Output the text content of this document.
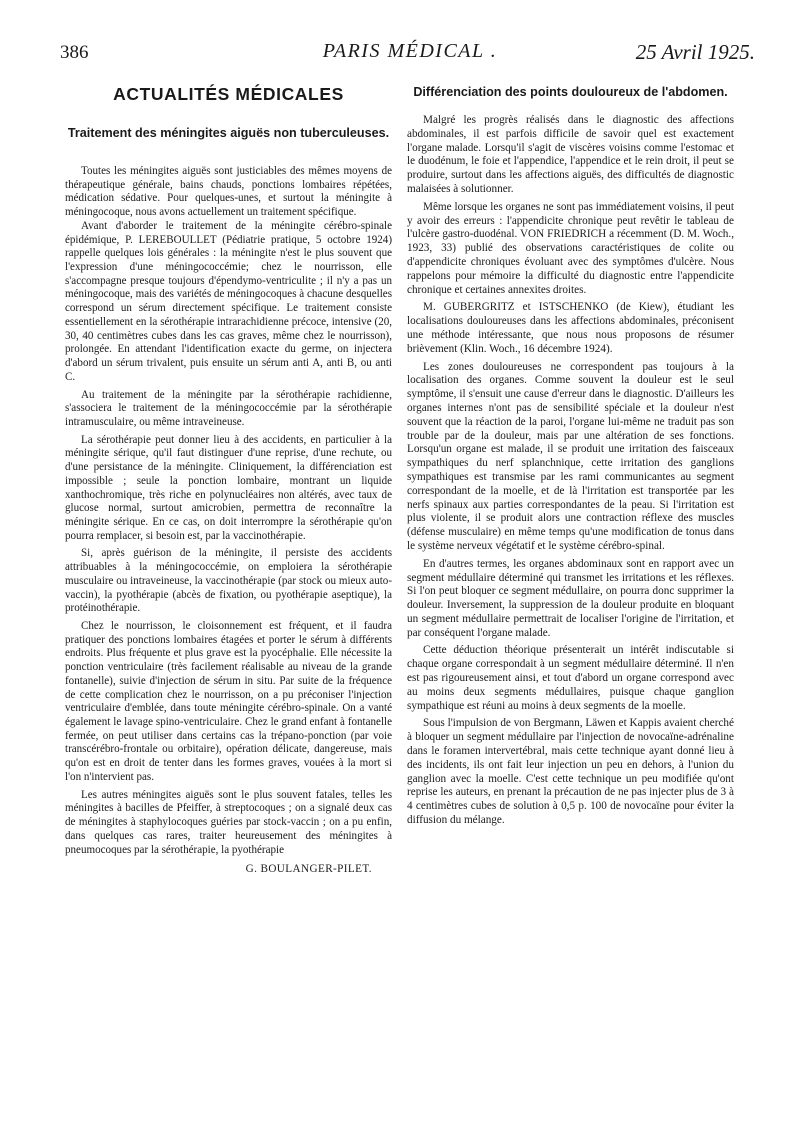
386	PARIS MÉDICAL .	25 Avril 1925.
ACTUALITÉS MÉDICALES
Traitement des méningites aiguës non tuberculeuses.

Toutes les méningites aiguës sont justiciables des mêmes moyens de thérapeutique générale, bains chauds, ponctions lombaires répétées, médication sédative. Pour quelques-unes, et surtout la méningite à méningocoque, nous avons actuellement un traitement spécifique.

Avant d'aborder le traitement de la méningite cérébro-spinale épidémique, P. LEREBOULLET (Pédiatrie pratique, 5 octobre 1924) rappelle quelques lois générales : la méningite n'est le plus souvent que l'expression d'une méningococcémie; chez le nourrisson, elle s'accompagne presque toujours d'épendymo-ventriculite ; il n'y a pas un méningocoque, mais des variétés de méningocoques à chacune desquelles correspond un sérum directement spécifique. Le traitement consiste essentiellement en la sérothérapie intrarachidienne précoce, intensive (20, 30, 40 centimètres cubes dans les cas graves, même chez le nourrisson), prolongée. En attendant l'identification exacte du germe, on injectera d'abord un sérum trivalent, puis ensuite un sérum anti A, anti B, ou anti C.

Au traitement de la méningite par la sérothérapie rachidienne, s'associera le traitement de la méningococcémie par la sérothérapie intramusculaire, ou même intraveineuse.

La sérothérapie peut donner lieu à des accidents, en particulier à la méningite sérique, qu'il faut distinguer d'une reprise, d'une rechute, ou d'une persistance de la méningite. Cliniquement, la différenciation est impossible ; seule la ponction lombaire, montrant un liquide xanthochromique, très riche en polynucléaires non altérés, avec taux de glucose normal, surtout amicrobien, permettra de reconnaître la méningite sérique. En ce cas, on doit interrompre la sérothérapie qu'on pourra remplacer, si besoin est, par la vaccinothérapie.

Si, après guérison de la méningite, il persiste des accidents attribuables à la méningococcémie, on emploiera la sérothérapie musculaire ou intraveineuse, la vaccinothérapie (par stock ou mieux auto-vaccin), la pyothérapie (abcès de fixation, ou pyothérapie aseptique), la protéinothérapie.

Chez le nourrisson, le cloisonnement est fréquent, et il faudra pratiquer des ponctions lombaires étagées et porter le sérum à différents endroits. Plus fréquente et plus grave est la pyocéphalie. Elle nécessite la ponction ventriculaire (très facilement réalisable au niveau de la grande fontanelle), suivie d'injection de sérum in situ. Par suite de la fréquence de cette complication chez le nourrisson, on a pu préconiser l'injection ventriculaire d'emblée, dans toute méningite cérébro-spinale. On a vanté également le lavage spino-ventriculaire. Chez le grand enfant à fontanelle fermée, on peut utiliser dans certains cas la trépano-ponction (par voie transcérébro-frontale ou orbitaire), opération délicate, dangereuse, mais qu'on est en droit de tenter dans les formes graves, vouées à la mort si l'on n'intervient pas.

Les autres méningites aiguës sont le plus souvent fatales, telles les méningites à bacilles de Pfeiffer, à streptocoques ; on a signalé deux cas de méningites à staphylocoques guéries par stock-vaccin ; on a pu enfin, dans quelques cas rares, traiter heureusement des méningites à pneumocoques par la sérothérapie, la pyothérapie

G. BOULANGER-PILET.
Différenciation des points douloureux de l'abdomen.

Malgré les progrès réalisés dans le diagnostic des affections abdominales, il est parfois difficile de savoir quel est exactement l'organe malade. Lorsqu'il s'agit de viscères voisins comme l'estomac et le duodénum, le foie et l'appendice, l'appendice et le rein droit, il peut se produire, surtout dans les affections aiguës, des difficultés de diagnostic malaisées à solutionner.

Même lorsque les organes ne sont pas immédiatement voisins, il peut y avoir des erreurs : l'appendicite chronique peut revêtir le tableau de l'ulcère gastro-duodénal. VON FRIEDRICH a récemment (D. M. Woch., 1923, 33) publié des observations caractéristiques de colite ou d'appendicite chroniques évoluant avec des symptômes d'ulcère. Nous rappelons pour mémoire la difficulté du diagnostic entre l'appendicite chronique et certaines annexites droites.

M. GUBERGRITZ et ISTSCHENKO (de Kiew), étudiant les localisations douloureuses dans les affections abdominales, préconisent une méthode intéressante, que nous nous proposons de résumer brièvement (Klin. Woch., 16 décembre 1924).

Les zones douloureuses ne correspondent pas toujours à la localisation des organes. Comme souvent la douleur est le seul symptôme, il s'ensuit une cause d'erreur dans le diagnostic. D'ailleurs les organes internes n'ont pas de sensibilité spéciale et la douleur n'est souvent que la réaction de la paroi, l'organe lui-même ne traduit pas son trouble par de la douleur, mais par une altération de ses fonctions. Lorsqu'un organe est malade, il se produit une irritation des faisceaux sympathiques du nerf splanchnique, cette irritation des ganglions sympathiques est transmise par les rami communicantes au segment correspondant de la moelle, et de là l'irritation est transportée par les nerfs spinaux aux parties correspondantes de la peau. Si l'irritation est plus violente, il se produit alors une contraction réflexe des muscles (défense musculaire) en même temps qu'une modification de tonus dans le système nerveux végétatif et le système cérébro-spinal.

En d'autres termes, les organes abdominaux sont en rapport avec un segment médullaire déterminé qui transmet les irritations et les réflexes. Si l'on peut bloquer ce segment médullaire, on pourra donc supprimer la douleur. Inversement, la suppression de la douleur produite en bloquant un segment médullaire permettrait de localiser l'origine de l'irritation, et par conséquent l'organe malade.

Cette déduction théorique présenterait un intérêt indiscutable si chaque organe correspondait à un segment médullaire déterminé. Il n'en est pas rigoureusement ainsi, et tout d'abord un organe correspond avec au moins deux segments médullaires, puisque chaque ganglion sympathique est réuni au moins à deux segments de la moelle.

Sous l'impulsion de von Bergmann, Läwen et Kappis avaient cherché à bloquer un segment médullaire par l'injection de novocaïne-adrénaline dans le foramen intervertébral, mais cette technique ayant donné lieu à des incidents, ils ont fait leur injection un peu en dehors, à l'union du ganglion avec la moelle. C'est cette technique un peu modifiée qu'ont reprise les auteurs, en prenant la précaution de ne pas injecter plus de 3 à 4 centimètres cubes de solution à 0,5 p. 100 de novocaïne pour éviter la diffusion du mélange.
